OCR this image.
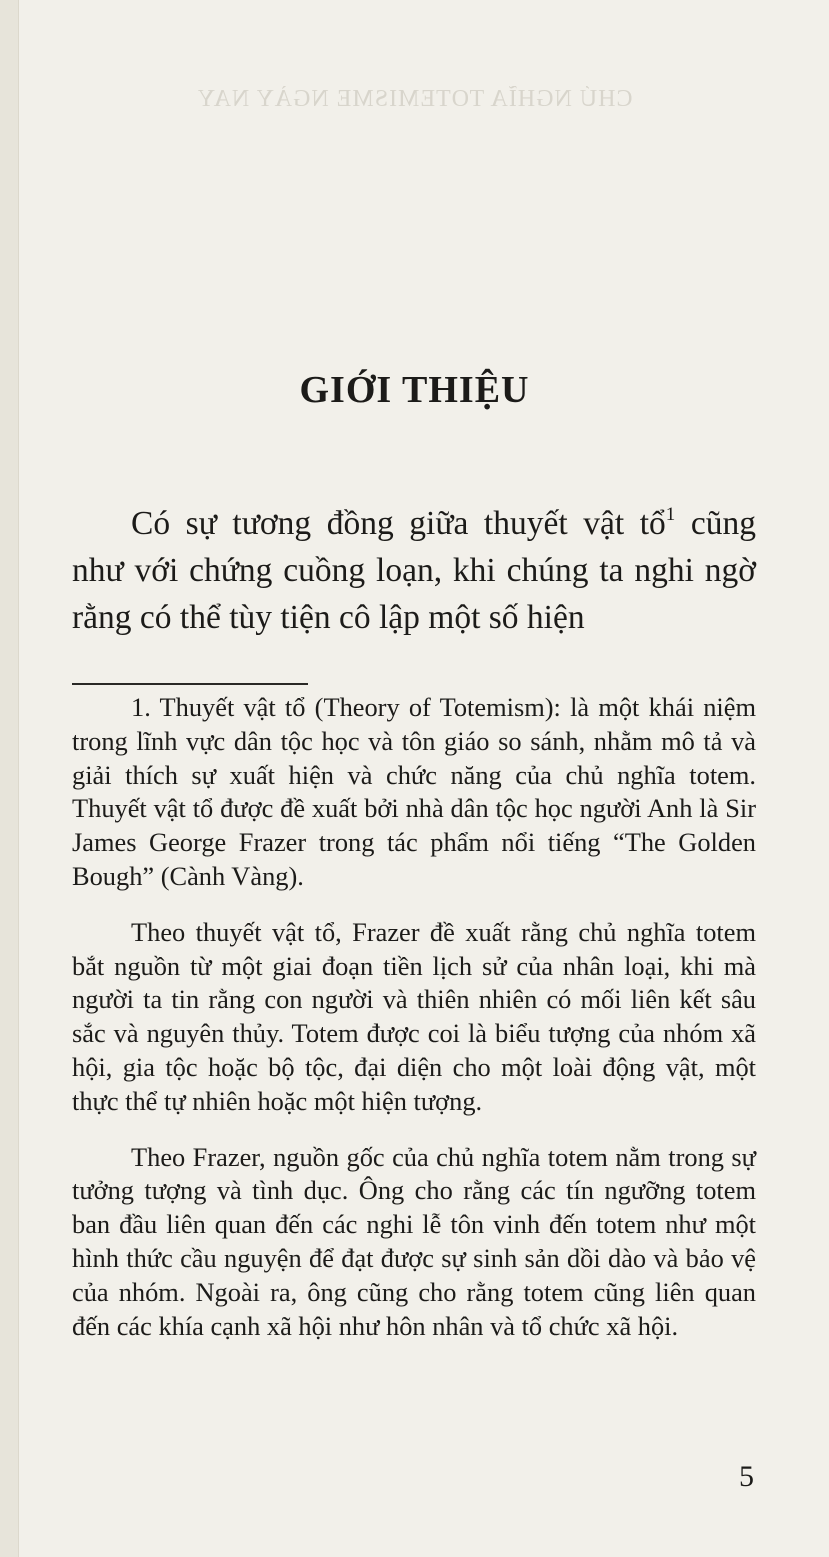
CHỦ NGHĨA TOTEMISME NGÀY NAY
GIỚI THIỆU

Có sự tương đồng giữa thuyết vật tổ$^1$ cũng như với chứng cuồng loạn, khi chúng ta nghi ngờ rằng có thể tùy tiện cô lập một số hiện

1. Thuyết vật tổ (Theory of Totemism): là một khái niệm trong lĩnh vực dân tộc học và tôn giáo so sánh, nhằm mô tả và giải thích sự xuất hiện và chức năng của chủ nghĩa totem. Thuyết vật tổ được đề xuất bởi nhà dân tộc học người Anh là Sir James George Frazer trong tác phẩm nổi tiếng “The Golden Bough” (Cành Vàng).

Theo thuyết vật tổ, Frazer đề xuất rằng chủ nghĩa totem bắt nguồn từ một giai đoạn tiền lịch sử của nhân loại, khi mà người ta tin rằng con người và thiên nhiên có mối liên kết sâu sắc và nguyên thủy. Totem được coi là biểu tượng của nhóm xã hội, gia tộc hoặc bộ tộc, đại diện cho một loài động vật, một thực thể tự nhiên hoặc một hiện tượng.

Theo Frazer, nguồn gốc của chủ nghĩa totem nằm trong sự tưởng tượng và tình dục. Ông cho rằng các tín ngưỡng totem ban đầu liên quan đến các nghi lễ tôn vinh đến totem như một hình thức cầu nguyện để đạt được sự sinh sản dồi dào và bảo vệ của nhóm. Ngoài ra, ông cũng cho rằng totem cũng liên quan đến các khía cạnh xã hội như hôn nhân và tổ chức xã hội.

5
